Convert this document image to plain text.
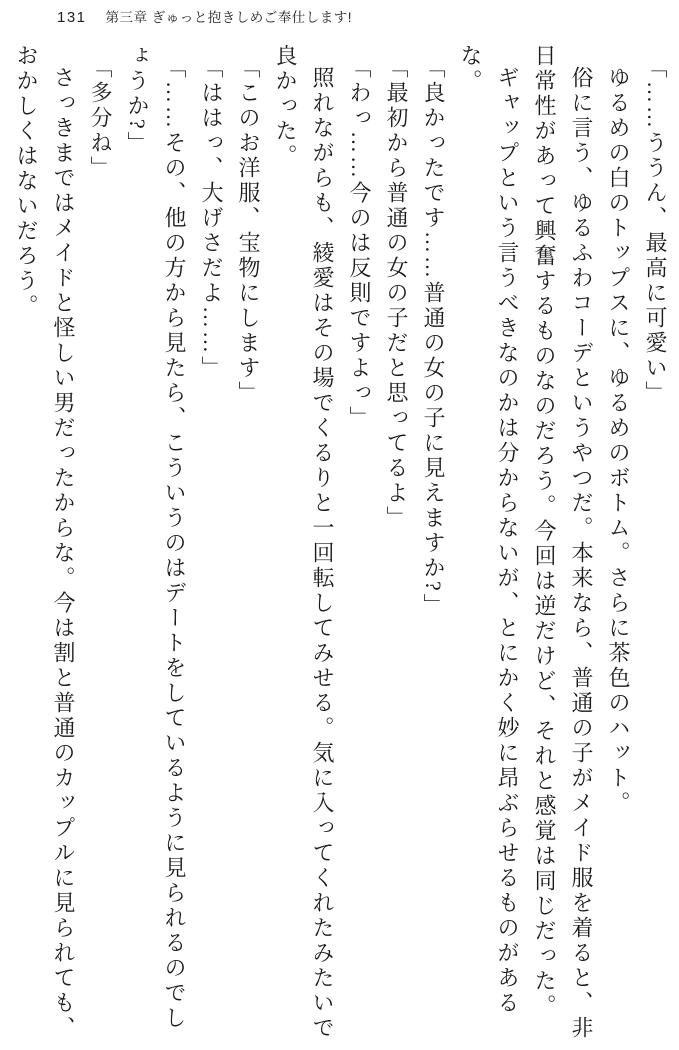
131 第三章 ぎゅっと抱きしめご奉仕します!

「……ううん、最高に可愛い」

ゆるめの白のトップスに、ゆるめのボトム。さらに茶色のハット。

俗に言う、ゆるふわコーデというやつだ。本来なら、普通の子がメイド服を着ると、非日常性があって興奮するものなのだろう。今回は逆だけど、それと感覚は同じだった。

ギャップという言うべきなのかは分からないが、とにかく妙に昂ぶらせるものがあるな。

「良かったです……普通の女の子に見えますか?」

「最初から普通の女の子だと思ってるよ」

「わっ……今のは反則ですよっ」

照れながらも、綾愛はその場でくるりと一回転してみせる。気に入ってくれたみたいで良かった。

「このお洋服、宝物にします」

「ははっ、大げさだよ……」

「……その、他の方から見たら、こういうのはデートをしているように見られるのでしょうか?」

「多分ね」

さっきまではメイドと怪しい男だったからな。今は割と普通のカップルに見られても、おかしくはないだろう。
